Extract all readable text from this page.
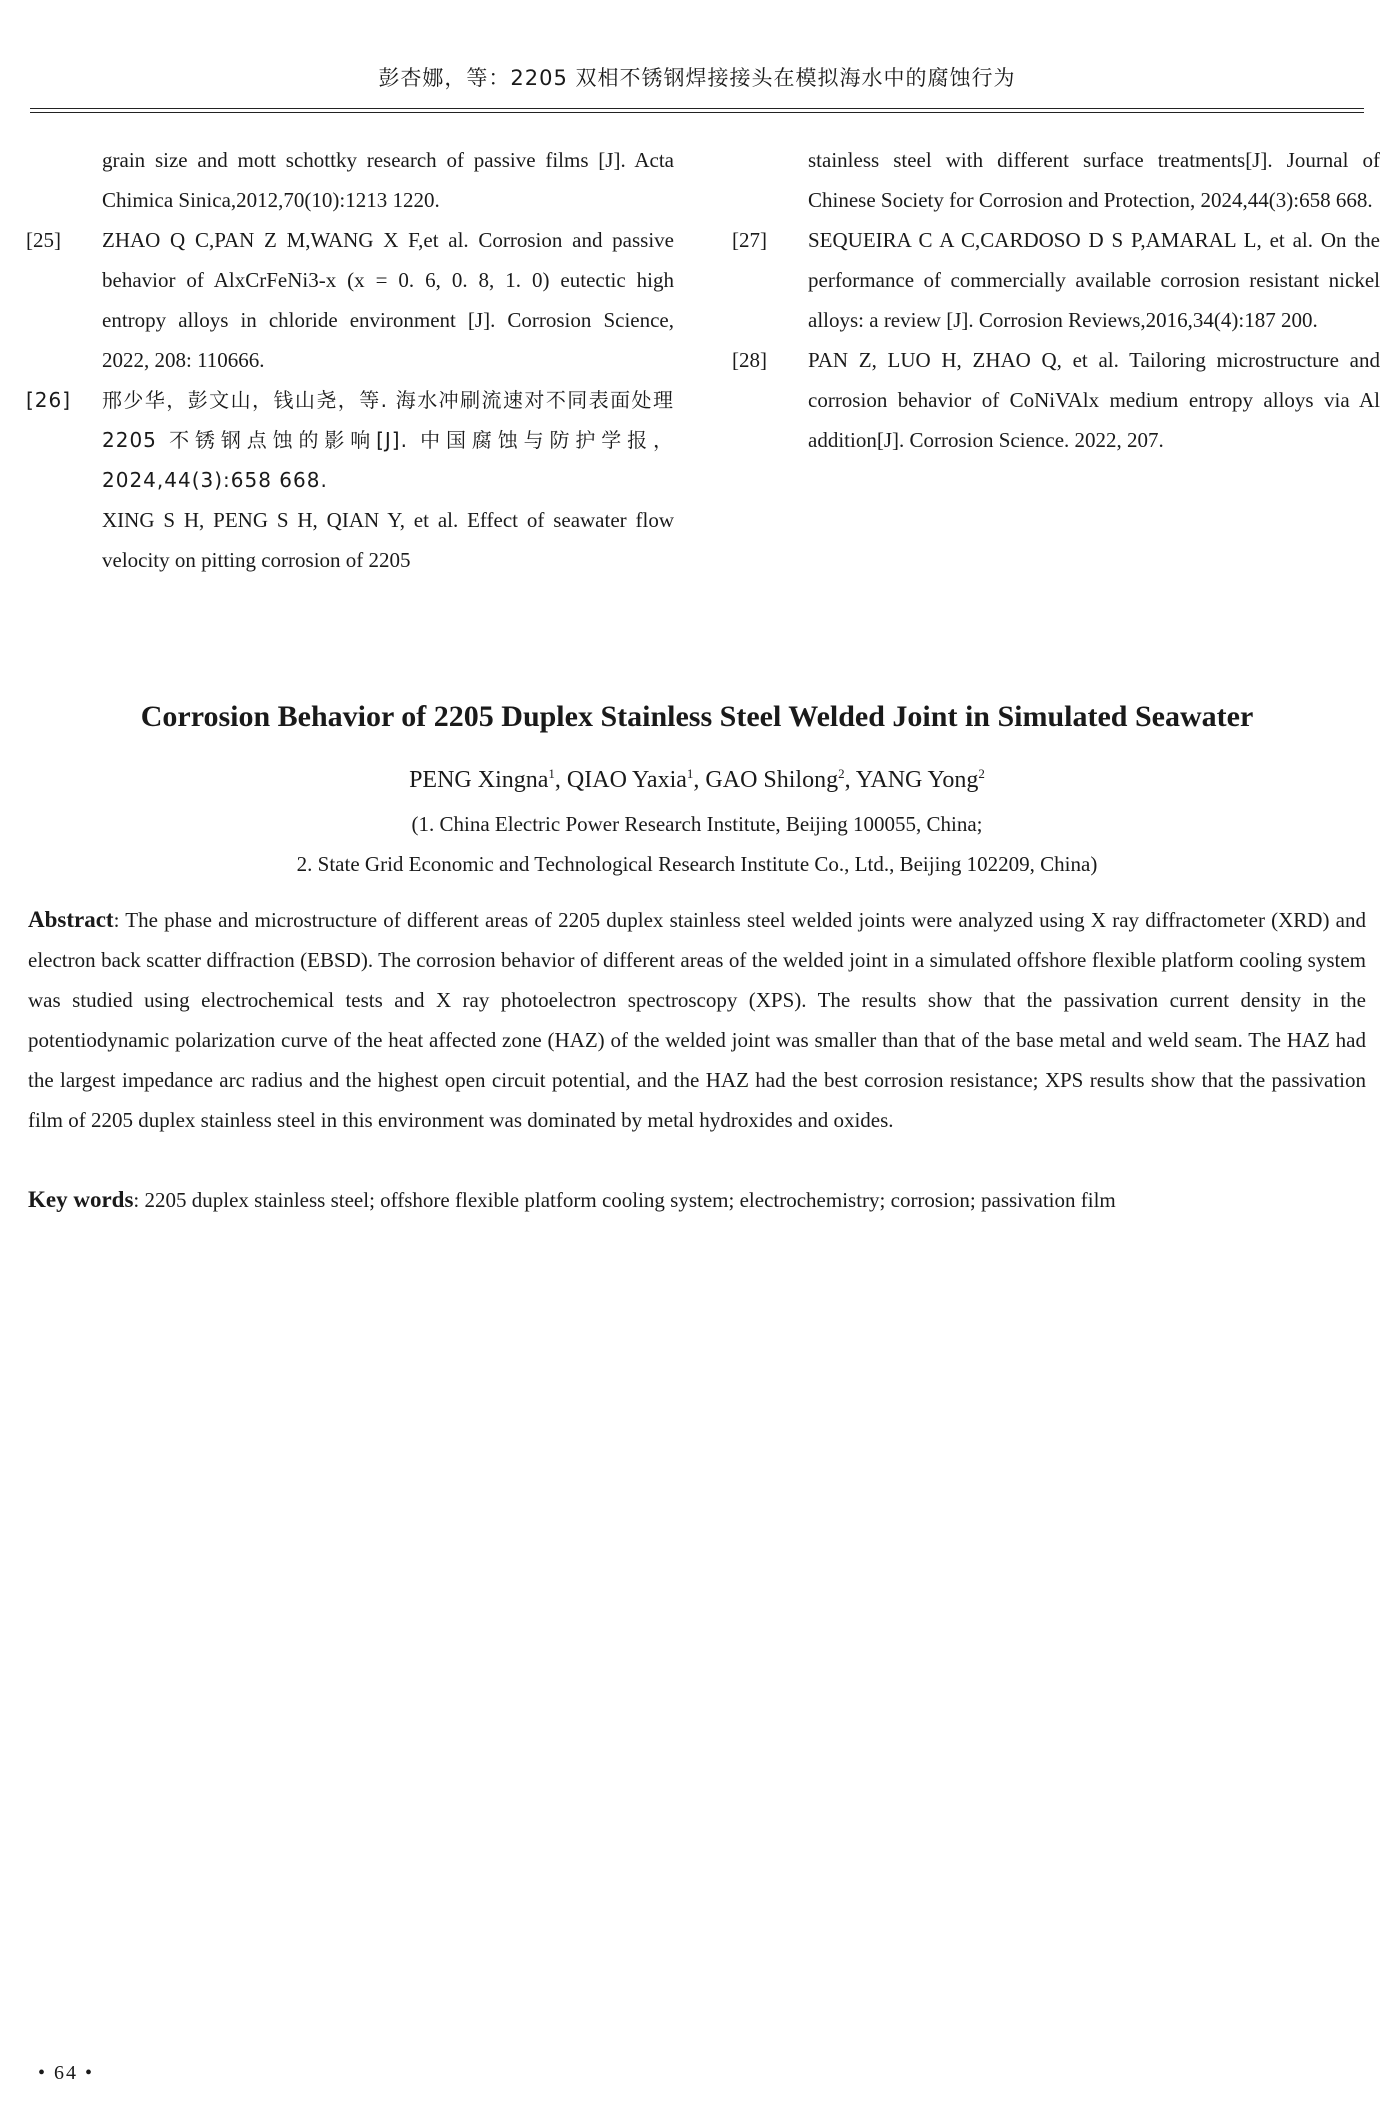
彭杏娜，等：2205 双相不锈钢焊接接头在模拟海水中的腐蚀行为
grain size and mott schottky research of passive films [J]. Acta Chimica Sinica,2012,70(10):1213 1220.
[25] ZHAO Q C,PAN Z M,WANG X F,et al. Corrosion and passive behavior of AlxCrFeNi3-x (x = 0. 6, 0. 8, 1. 0) eutectic high entropy alloys in chloride environment [J]. Corrosion Science, 2022, 208: 110666.
[26] 邢少华，彭文山，钱山尧，等. 海水冲刷流速对不同表面处理 2205 不锈钢点蚀的影响[J]. 中国腐蚀与防护学报，2024,44(3):658 668.
XING S H, PENG S H, QIAN Y, et al. Effect of seawater flow velocity on pitting corrosion of 2205
stainless steel with different surface treatments[J]. Journal of Chinese Society for Corrosion and Protection, 2024,44(3):658 668.
[27] SEQUEIRA C A C,CARDOSO D S P,AMARAL L, et al. On the performance of commercially available corrosion resistant nickel alloys: a review [J]. Corrosion Reviews,2016,34(4):187 200.
[28] PAN Z, LUO H, ZHAO Q, et al. Tailoring microstructure and corrosion behavior of CoNiVAlx medium entropy alloys via Al addition[J]. Corrosion Science. 2022, 207.
Corrosion Behavior of 2205 Duplex Stainless Steel Welded Joint in Simulated Seawater
PENG Xingna$^1$, QIAO Yaxia$^1$, GAO Shilong$^2$, YANG Yong$^2$
(1. China Electric Power Research Institute, Beijing 100055, China;
2. State Grid Economic and Technological Research Institute Co., Ltd., Beijing 102209, China)
Abstract: The phase and microstructure of different areas of 2205 duplex stainless steel welded joints were analyzed using X ray diffractometer (XRD) and electron back scatter diffraction (EBSD). The corrosion behavior of different areas of the welded joint in a simulated offshore flexible platform cooling system was studied using electrochemical tests and X ray photoelectron spectroscopy (XPS). The results show that the passivation current density in the potentiodynamic polarization curve of the heat affected zone (HAZ) of the welded joint was smaller than that of the base metal and weld seam. The HAZ had the largest impedance arc radius and the highest open circuit potential, and the HAZ had the best corrosion resistance; XPS results show that the passivation film of 2205 duplex stainless steel in this environment was dominated by metal hydroxides and oxides.
Key words: 2205 duplex stainless steel; offshore flexible platform cooling system; electrochemistry; corrosion; passivation film
• 64 •
